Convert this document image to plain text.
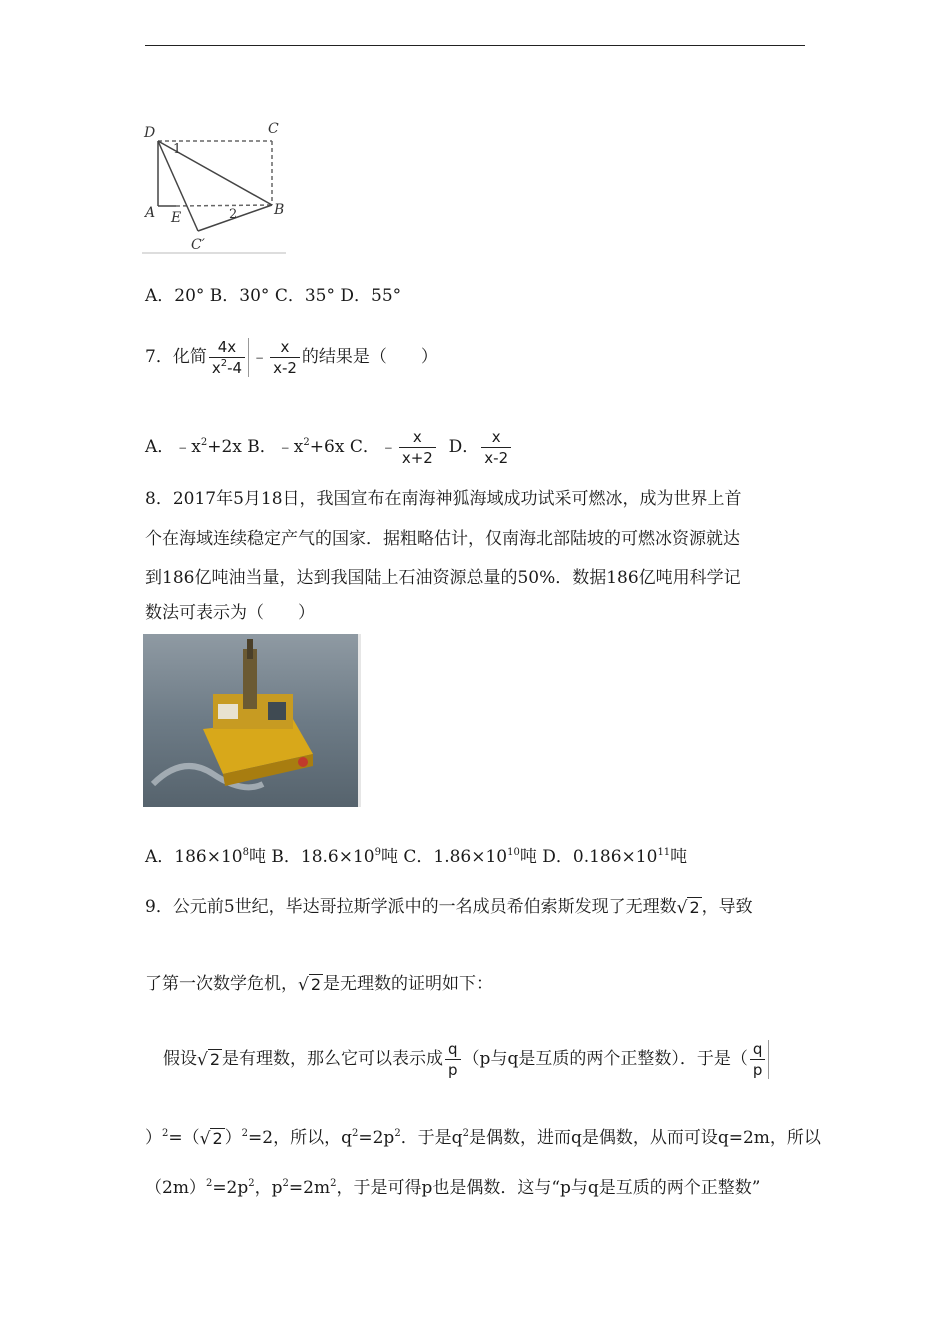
D	C
A E	B
C′
1
2
A．20° B．30° C．35° D．55°
7．化简 $\frac{4x}{x^2-4}$ ﹣ $\frac{x}{x-2}$ 的结果是（　　）
A．$﹣x^2+2x$ B．$﹣x^2+6x$ C．﹣ $\frac{x}{x+2}$ D． $\frac{x}{x-2}$
8．2017年5月18日，我国宣布在南海神狐海域成功试采可燃冰，成为世界上首
个在海域连续稳定产气的国家．据粗略估计，仅南海北部陆坡的可燃冰资源就达
到186亿吨油当量，达到我国陆上石油资源总量的50%．数据186亿吨用科学记
数法可表示为（　　）
A．$186\times 10^8$吨 B．$18.6\times 10^9$吨 C．$1.86\times 10^{10}$吨 D．$0.186\times 10^{11}$吨
9．公元前5世纪，毕达哥拉斯学派中的一名成员希伯索斯发现了无理数√ 2 ，导致
了第一次数学危机，√ 2 是无理数的证明如下：
假设√ 2 是有理数，那么它可以表示成 $\frac{q}{p} (p$与q是互质的两个正整数）．于是（ $\frac{q}{p}$
）$^2$=（√ 2 ）$^2$=2，所以，$q^2=2p^2$．于是$q^2$是偶数，进而q是偶数，从而可设q=2m，所以
$(2m)^2=2p^2$，$p^2=2m^2$，于是可得p也是偶数．这与“p与q是互质的两个正整数”
